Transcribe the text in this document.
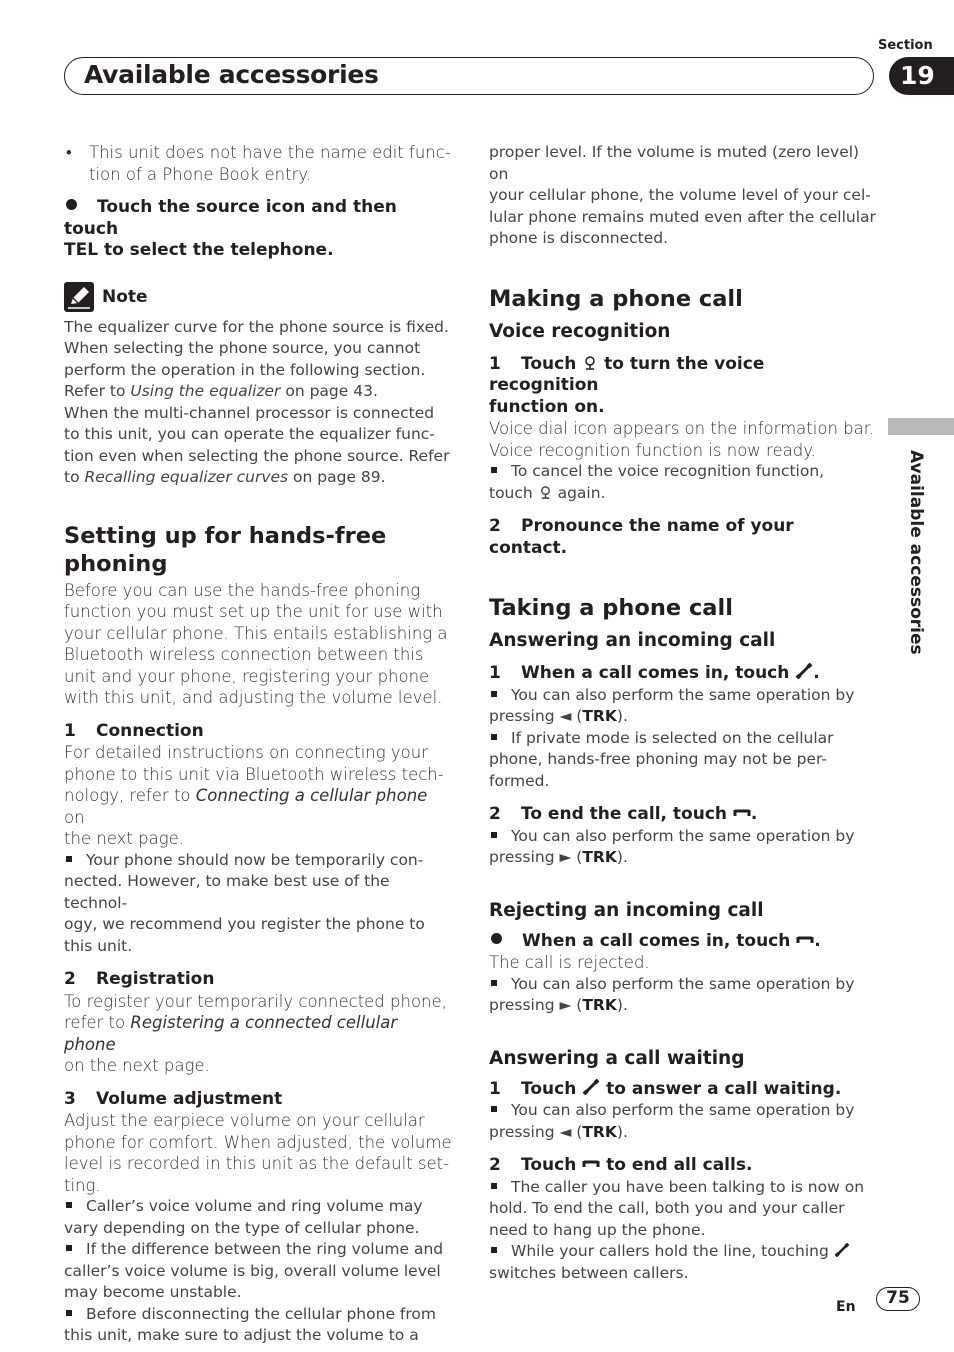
Section
Available accessories	19
Available accessories
• This unit does not have the name edit func-
tion of a Phone Book entry.
Touch the source icon and then touch
TEL to select the telephone.
Note
The equalizer curve for the phone source is fixed.
When selecting the phone source, you cannot
perform the operation in the following section.
Refer to Using the equalizer on page 43.
When the multi-channel processor is connected
to this unit, you can operate the equalizer func-
tion even when selecting the phone source. Refer
to Recalling equalizer curves on page 89.
Setting up for hands-free phoning
Before you can use the hands-free phoning
function you must set up the unit for use with
your cellular phone. This entails establishing a
Bluetooth wireless connection between this
unit and your phone, registering your phone
with this unit, and adjusting the volume level.
1 Connection
For detailed instructions on connecting your
phone to this unit via Bluetooth wireless tech-
nology, refer to Connecting a cellular phone on
the next page.
Your phone should now be temporarily con-
nected. However, to make best use of the technol-
ogy, we recommend you register the phone to
this unit.
2 Registration
To register your temporarily connected phone,
refer to Registering a connected cellular phone
on the next page.
3 Volume adjustment
Adjust the earpiece volume on your cellular
phone for comfort. When adjusted, the volume
level is recorded in this unit as the default set-
ting.
Caller’s voice volume and ring volume may
vary depending on the type of cellular phone.
If the difference between the ring volume and
caller’s voice volume is big, overall volume level
may become unstable.
Before disconnecting the cellular phone from
this unit, make sure to adjust the volume to a
proper level. If the volume is muted (zero level) on
your cellular phone, the volume level of your cel-
lular phone remains muted even after the cellular
phone is disconnected.
Making a phone call
Voice recognition
1 Touch  to turn the voice recognition
function on.
Voice dial icon appears on the information bar.
Voice recognition function is now ready.
To cancel the voice recognition function,
touch  again.
2 Pronounce the name of your contact.
Taking a phone call
Answering an incoming call
1 When a call comes in, touch .
You can also perform the same operation by
pressing ◄ (TRK).
If private mode is selected on the cellular
phone, hands-free phoning may not be per-
formed.
2 To end the call, touch .
You can also perform the same operation by
pressing ► (TRK).
Rejecting an incoming call
When a call comes in, touch .
The call is rejected.
You can also perform the same operation by
pressing ► (TRK).
Answering a call waiting
1 Touch  to answer a call waiting.
You can also perform the same operation by
pressing ◄ (TRK).
2 Touch  to end all calls.
The caller you have been talking to is now on
hold. To end the call, both you and your caller
need to hang up the phone.
While your callers hold the line, touching
switches between callers.
En	75
